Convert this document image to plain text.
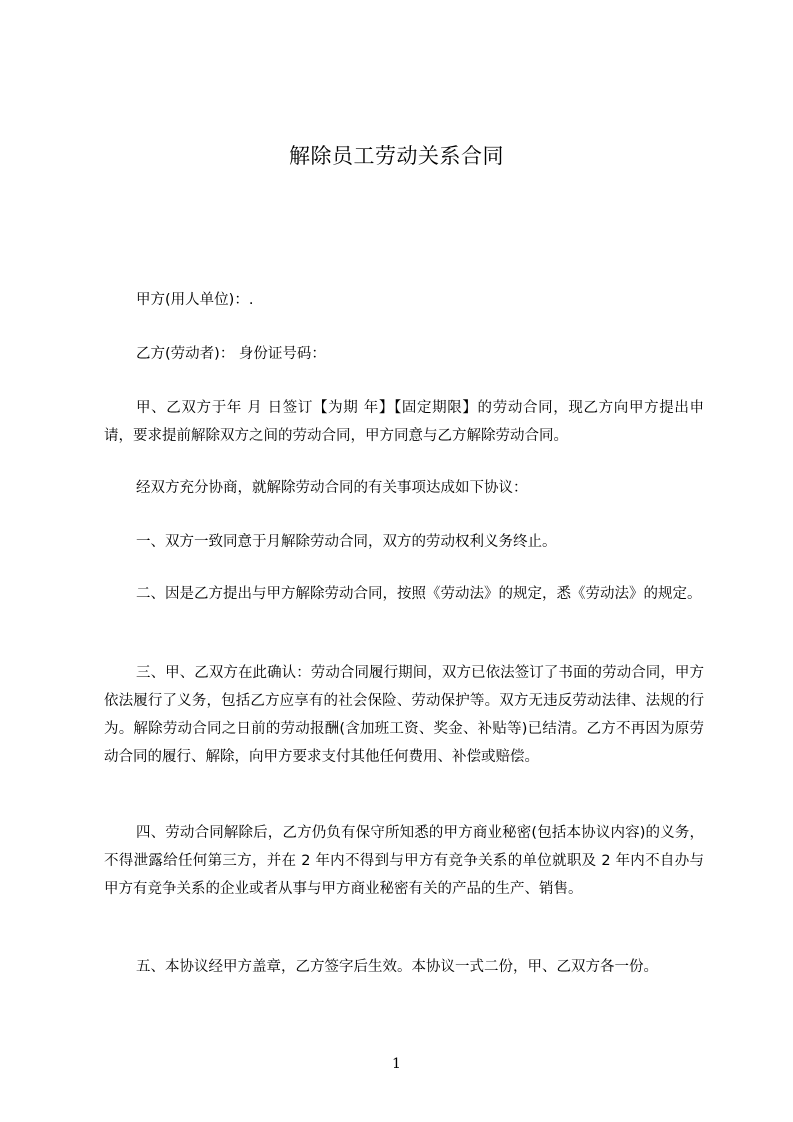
解除员工劳动关系合同

甲方(用人单位)：.

乙方(劳动者)： 身份证号码：

甲、乙双方于年 月 日签订【为期 年】【固定期限】的劳动合同，现乙方向甲方提出申请，要求提前解除双方之间的劳动合同，甲方同意与乙方解除劳动合同。

经双方充分协商，就解除劳动合同的有关事项达成如下协议：

一、双方一致同意于月解除劳动合同，双方的劳动权利义务终止。

二、因是乙方提出与甲方解除劳动合同，按照《劳动法》的规定，悉《劳动法》的规定。

三、甲、乙双方在此确认：劳动合同履行期间，双方已依法签订了书面的劳动合同，甲方依法履行了义务，包括乙方应享有的社会保险、劳动保护等。双方无违反劳动法律、法规的行为。解除劳动合同之日前的劳动报酬(含加班工资、奖金、补贴等)已结清。乙方不再因为原劳动合同的履行、解除，向甲方要求支付其他任何费用、补偿或赔偿。

四、劳动合同解除后，乙方仍负有保守所知悉的甲方商业秘密(包括本协议内容)的义务，不得泄露给任何第三方，并在 2 年内不得到与甲方有竞争关系的单位就职及 2 年内不自办与甲方有竞争关系的企业或者从事与甲方商业秘密有关的产品的生产、销售。

五、本协议经甲方盖章，乙方签字后生效。本协议一式二份，甲、乙双方各一份。

1
